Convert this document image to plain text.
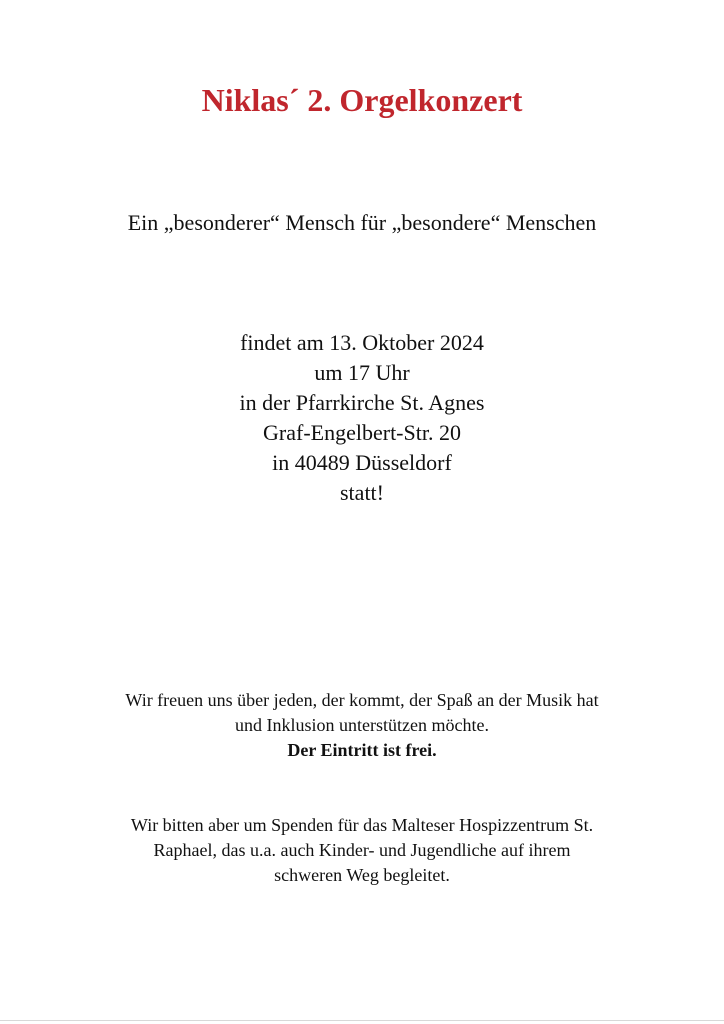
Niklas´ 2. Orgelkonzert

Ein „besonderer“ Mensch für „besondere“ Menschen

findet am 13. Oktober 2024
um 17 Uhr
in der Pfarrkirche St. Agnes
Graf-Engelbert-Str. 20
in 40489 Düsseldorf
statt!

Wir freuen uns über jeden, der kommt, der Spaß an der Musik hat
und Inklusion unterstützen möchte.
Der Eintritt ist frei.

Wir bitten aber um Spenden für das Malteser Hospizzentrum St.
Raphael, das u.a. auch Kinder- und Jugendliche auf ihrem
schweren Weg begleitet.
